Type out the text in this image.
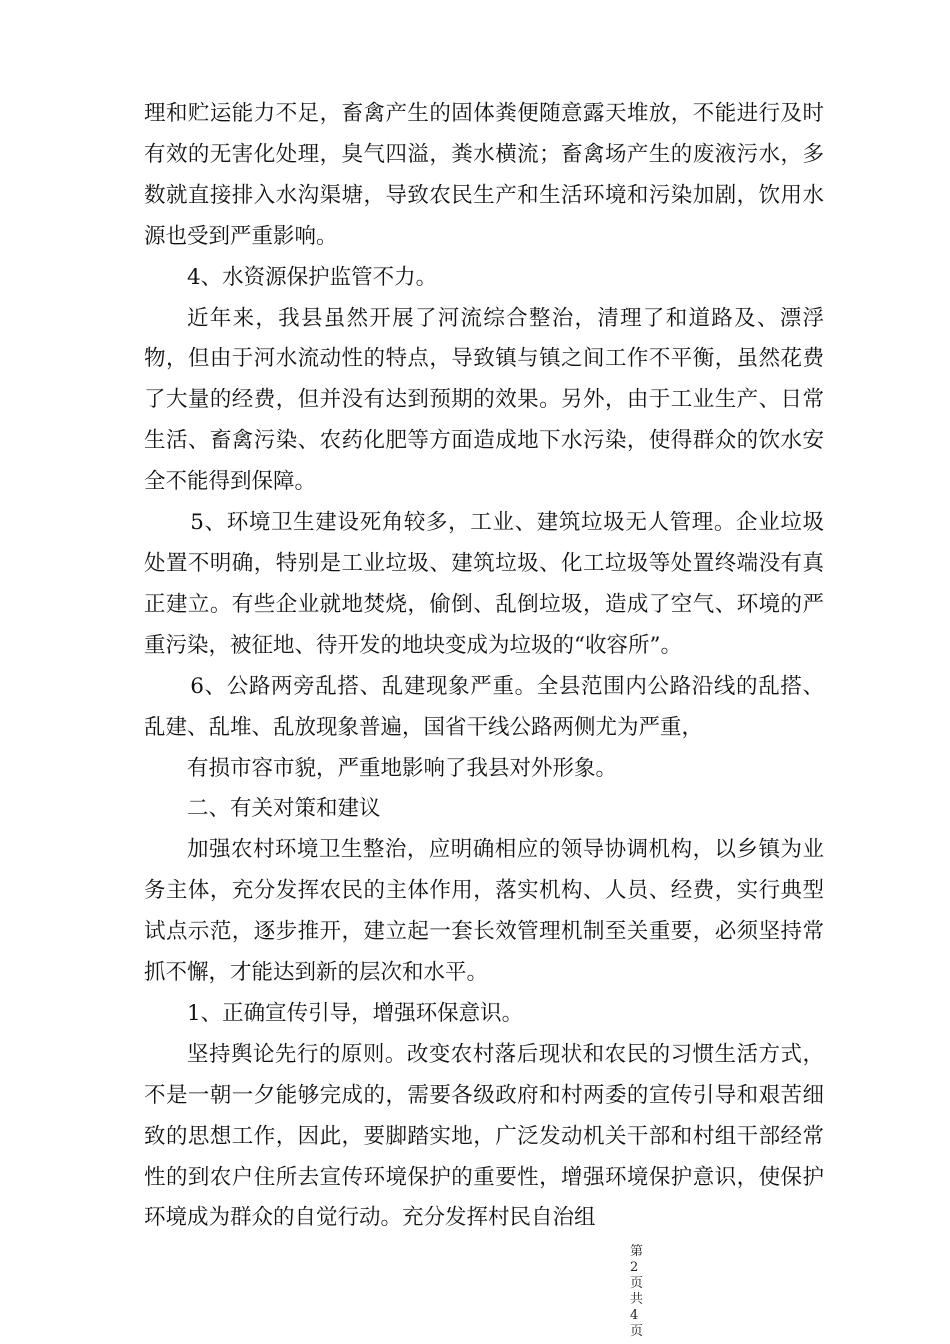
理和贮运能力不足，畜禽产生的固体粪便随意露天堆放，不能进行及时有效的无害化处理，臭气四溢，粪水横流；畜禽场产生的废液污水，多数就直接排入水沟渠塘，导致农民生产和生活环境和污染加剧，饮用水源也受到严重影响。

4、水资源保护监管不力。

近年来，我县虽然开展了河流综合整治，清理了和道路及、漂浮物，但由于河水流动性的特点，导致镇与镇之间工作不平衡，虽然花费了大量的经费，但并没有达到预期的效果。另外，由于工业生产、日常生活、畜禽污染、农药化肥等方面造成地下水污染，使得群众的饮水安全不能得到保障。

5、环境卫生建设死角较多，工业、建筑垃圾无人管理。企业垃圾处置不明确，特别是工业垃圾、建筑垃圾、化工垃圾等处置终端没有真正建立。有些企业就地焚烧，偷倒、乱倒垃圾，造成了空气、环境的严重污染，被征地、待开发的地块变成为垃圾的“收容所”。

6、公路两旁乱搭、乱建现象严重。全县范围内公路沿线的乱搭、乱建、乱堆、乱放现象普遍，国省干线公路两侧尤为严重，

有损市容市貌，严重地影响了我县对外形象。

二、有关对策和建议

加强农村环境卫生整治，应明确相应的领导协调机构，以乡镇为业务主体，充分发挥农民的主体作用，落实机构、人员、经费，实行典型试点示范，逐步推开，建立起一套长效管理机制至关重要，必须坚持常抓不懈，才能达到新的层次和水平。

1、正确宣传引导，增强环保意识。

坚持舆论先行的原则。改变农村落后现状和农民的习惯生活方式，不是一朝一夕能够完成的，需要各级政府和村两委的宣传引导和艰苦细致的思想工作，因此，要脚踏实地，广泛发动机关干部和村组干部经常性的到农户住所去宣传环境保护的重要性，增强环境保护意识，使保护环境成为群众的自觉行动。充分发挥村民自治组

第2页共4页
